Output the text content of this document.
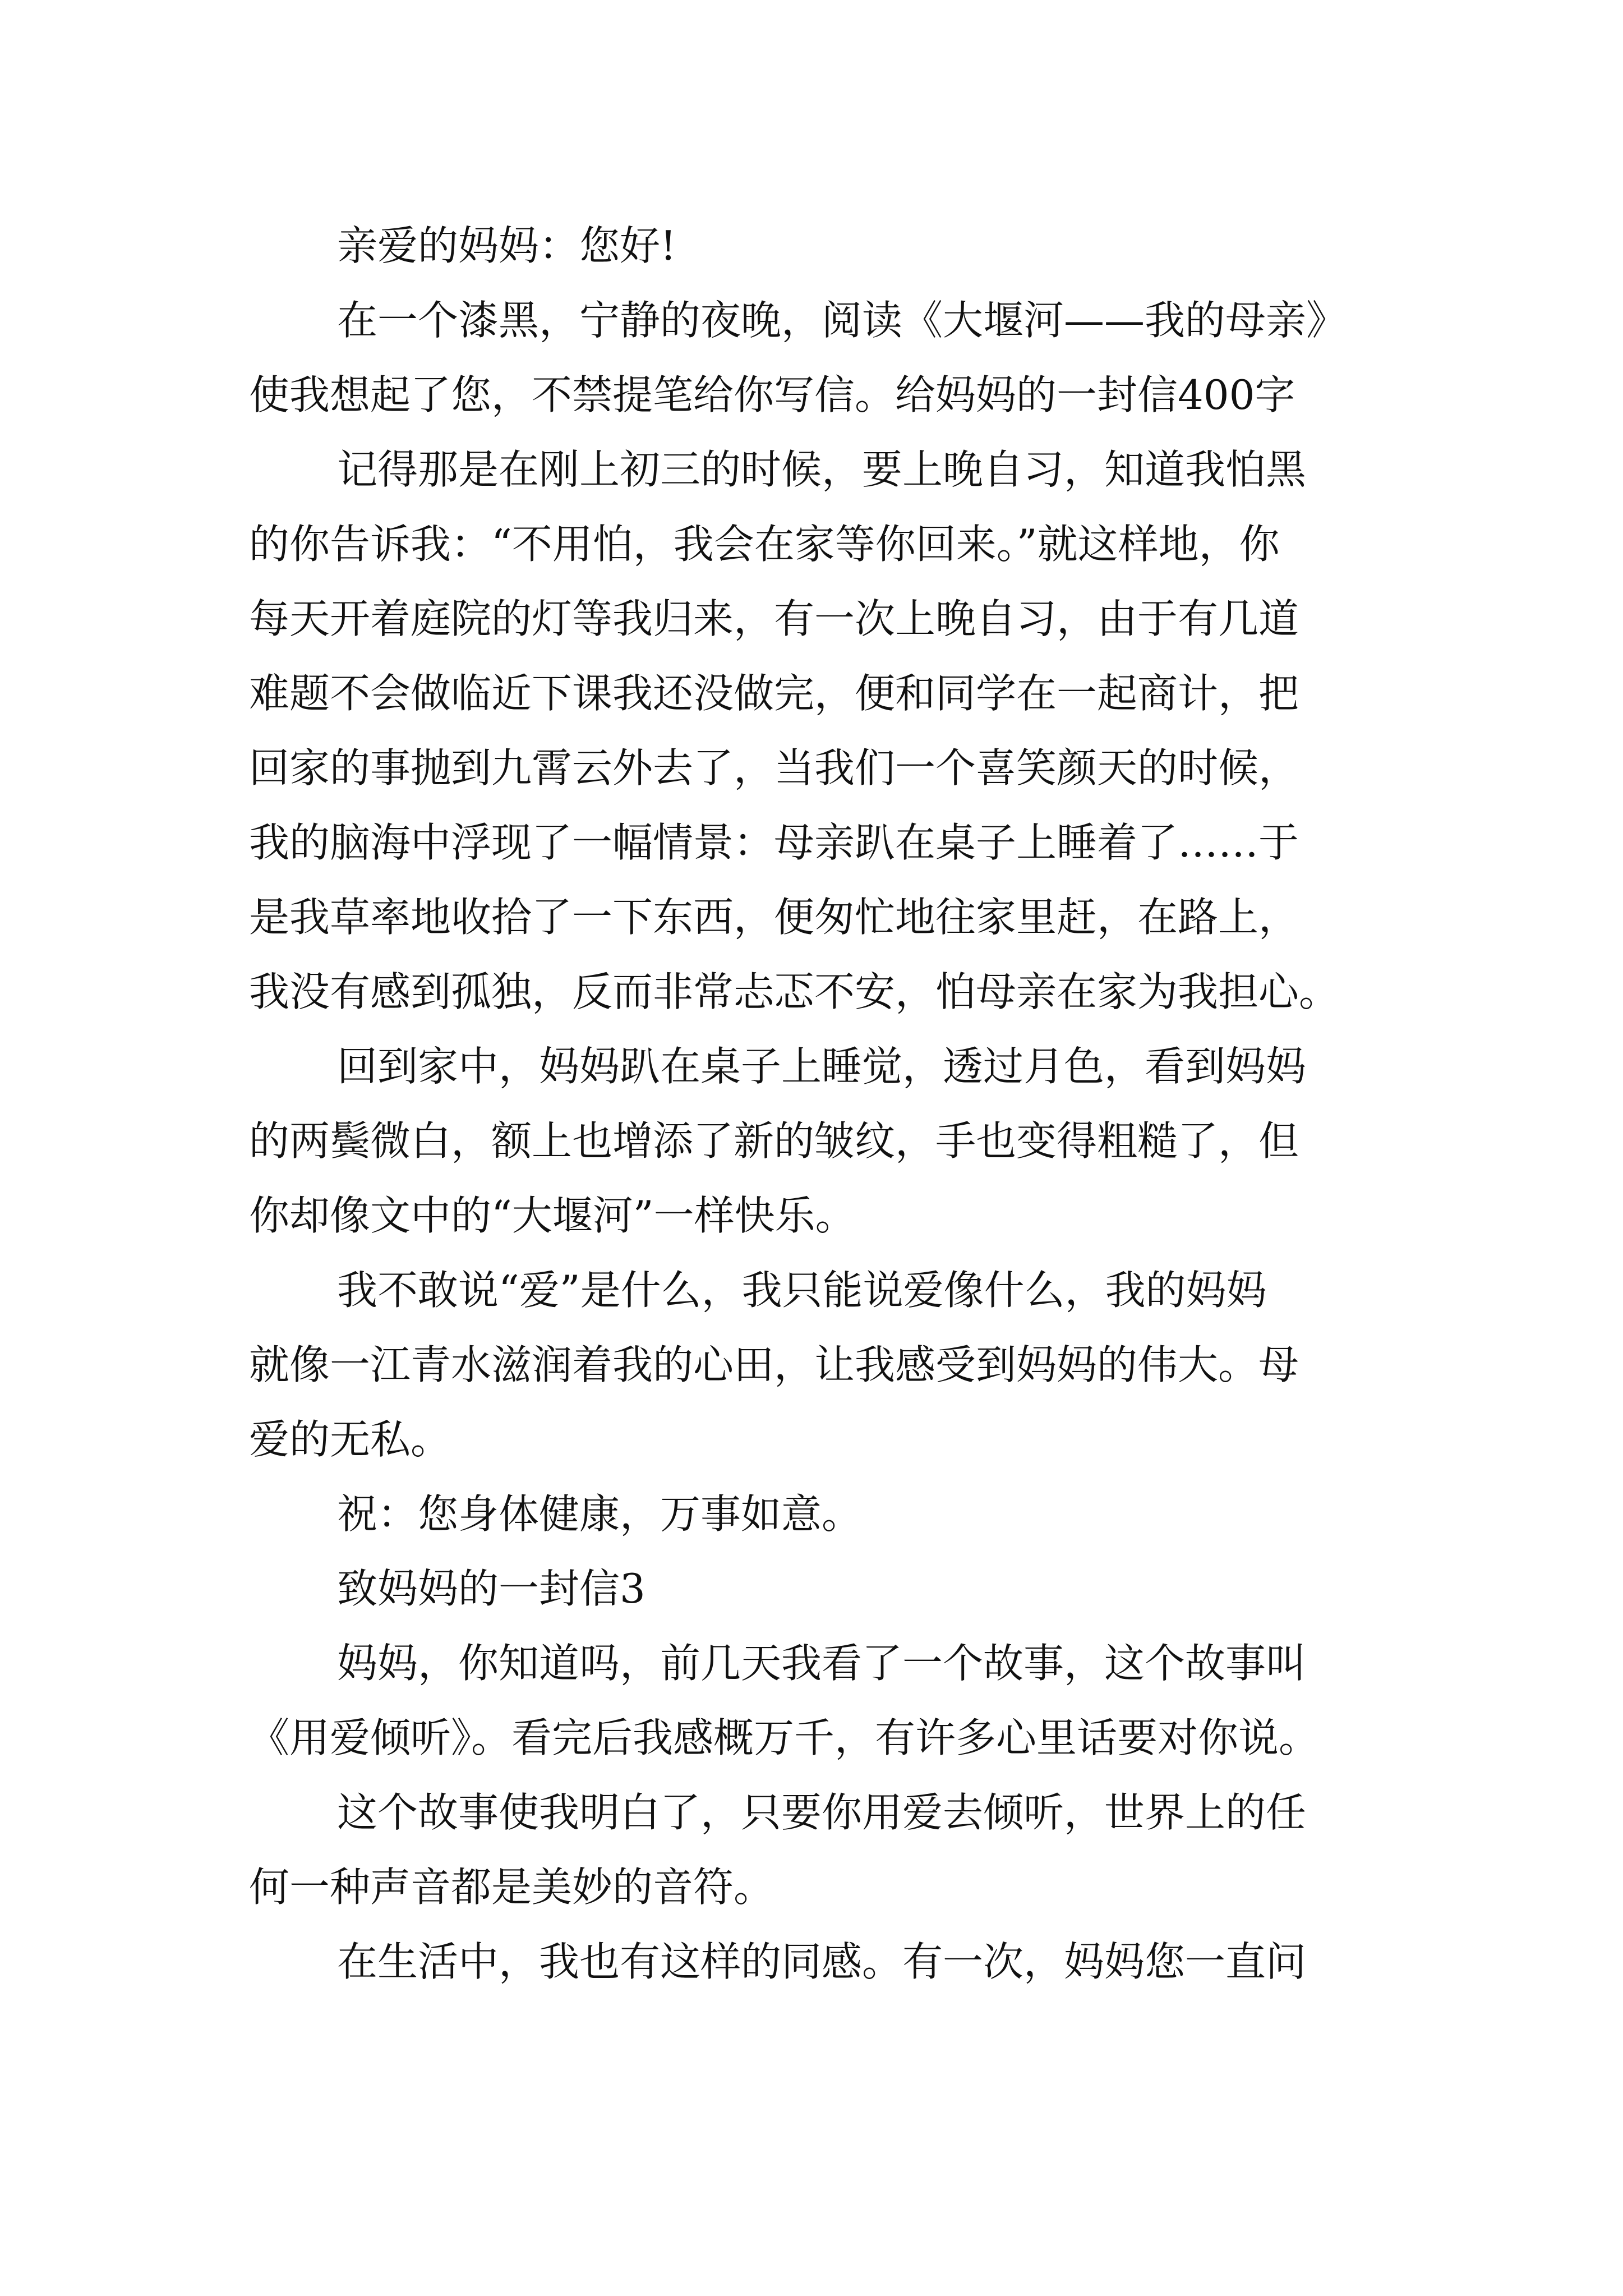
亲爱的妈妈：您好!
在一个漆黑，宁静的夜晚，阅读《大堰河——我的母亲》
使我想起了您，不禁提笔给你写信。给妈妈的一封信400字
记得那是在刚上初三的时候，要上晚自习，知道我怕黑
的你告诉我：“不用怕，我会在家等你回来。”就这样地，你
每天开着庭院的灯等我归来，有一次上晚自习，由于有几道
难题不会做临近下课我还没做完，便和同学在一起商计，把
回家的事抛到九霄云外去了，当我们一个喜笑颜天的时候，
我的脑海中浮现了一幅情景：母亲趴在桌子上睡着了……于
是我草率地收拾了一下东西，便匆忙地往家里赶，在路上，
我没有感到孤独，反而非常忐忑不安，怕母亲在家为我担心。
回到家中，妈妈趴在桌子上睡觉，透过月色，看到妈妈
的两鬓微白，额上也增添了新的皱纹，手也变得粗糙了，但
你却像文中的“大堰河”一样快乐。
我不敢说“爱”是什么，我只能说爱像什么，我的妈妈
就像一江青水滋润着我的心田，让我感受到妈妈的伟大。母
爱的无私。
祝：您身体健康，万事如意。
致妈妈的一封信3
妈妈，你知道吗，前几天我看了一个故事，这个故事叫
《用爱倾听》。看完后我感概万千，有许多心里话要对你说。
这个故事使我明白了，只要你用爱去倾听，世界上的任
何一种声音都是美妙的音符。
在生活中，我也有这样的同感。有一次，妈妈您一直问
